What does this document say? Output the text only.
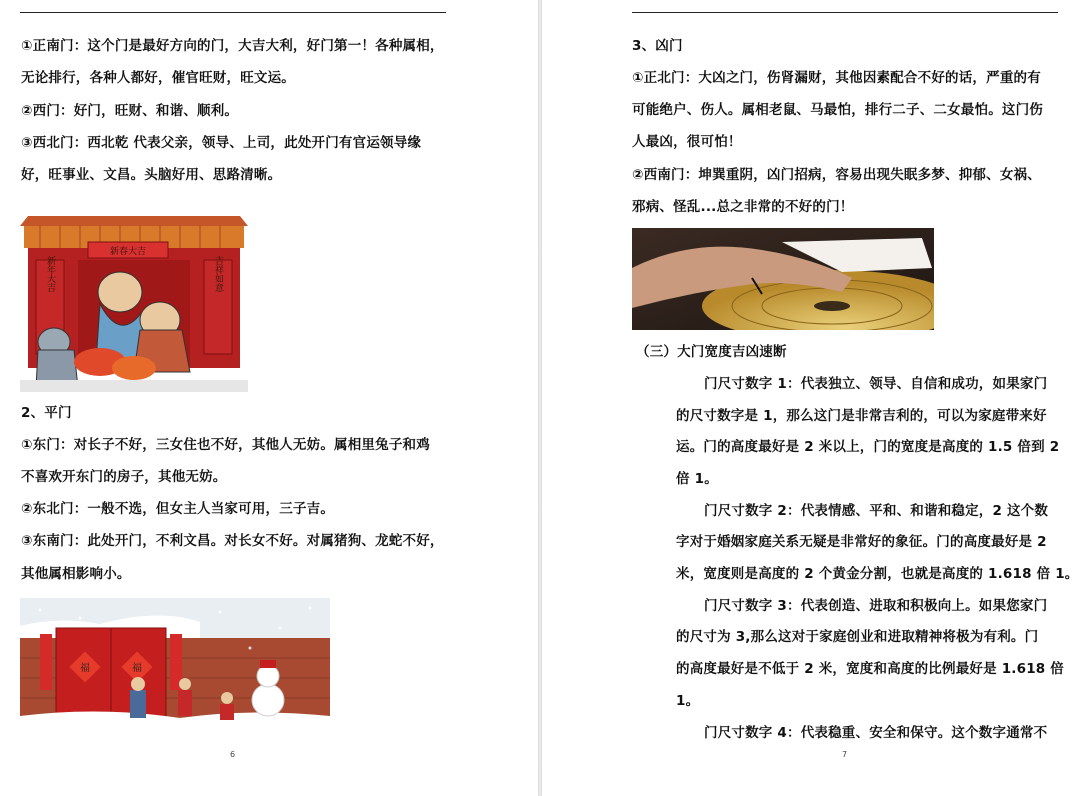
①正南门：这个门是最好方向的门，大吉大利，好门第一！各种属相，
无论排行，各种人都好，催官旺财，旺文运。
②西门：好门，旺财、和谐、顺利。
③西北门：西北乾 代表父亲，领导、上司，此处开门有官运领导缘
好，旺事业、文昌。头脑好用、思路清晰。
新春大吉
新年大吉	吉祥如意
2、平门
①东门：对长子不好，三女住也不好，其他人无妨。属相里兔子和鸡
不喜欢开东门的房子，其他无妨。
②东北门：一般不选，但女主人当家可用，三子吉。
③东南门：此处开门，不利文昌。对长女不好。对属猪狗、龙蛇不好，
其他属相影响小。
福	福
6
3、凶门
①正北门：大凶之门，伤肾漏财，其他因素配合不好的话，严重的有
可能绝户、伤人。属相老鼠、马最怕，排行二子、二女最怕。这门伤
人最凶，很可怕！
②西南门：坤巽重阴，凶门招病，容易出现失眠多梦、抑郁、女祸、
邪病、怪乱...总之非常的不好的门！
（三）大门宽度吉凶速断
门尺寸数字 1：代表独立、领导、自信和成功，如果家门
的尺寸数字是 1，那么这门是非常吉利的，可以为家庭带来好
运。门的高度最好是 2 米以上，门的宽度是高度的 1.5 倍到 2
倍 1。
门尺寸数字 2：代表情感、平和、和谐和稳定，2 这个数
字对于婚姻家庭关系无疑是非常好的象征。门的高度最好是 2
米，宽度则是高度的 2 个黄金分割，也就是高度的 1.618 倍 1。
门尺寸数字 3：代表创造、进取和积极向上。如果您家门
的尺寸为 3,那么这对于家庭创业和进取精神将极为有利。门
的高度最好是不低于 2 米，宽度和高度的比例最好是 1.618 倍
1。
门尺寸数字 4：代表稳重、安全和保守。这个数字通常不
7
